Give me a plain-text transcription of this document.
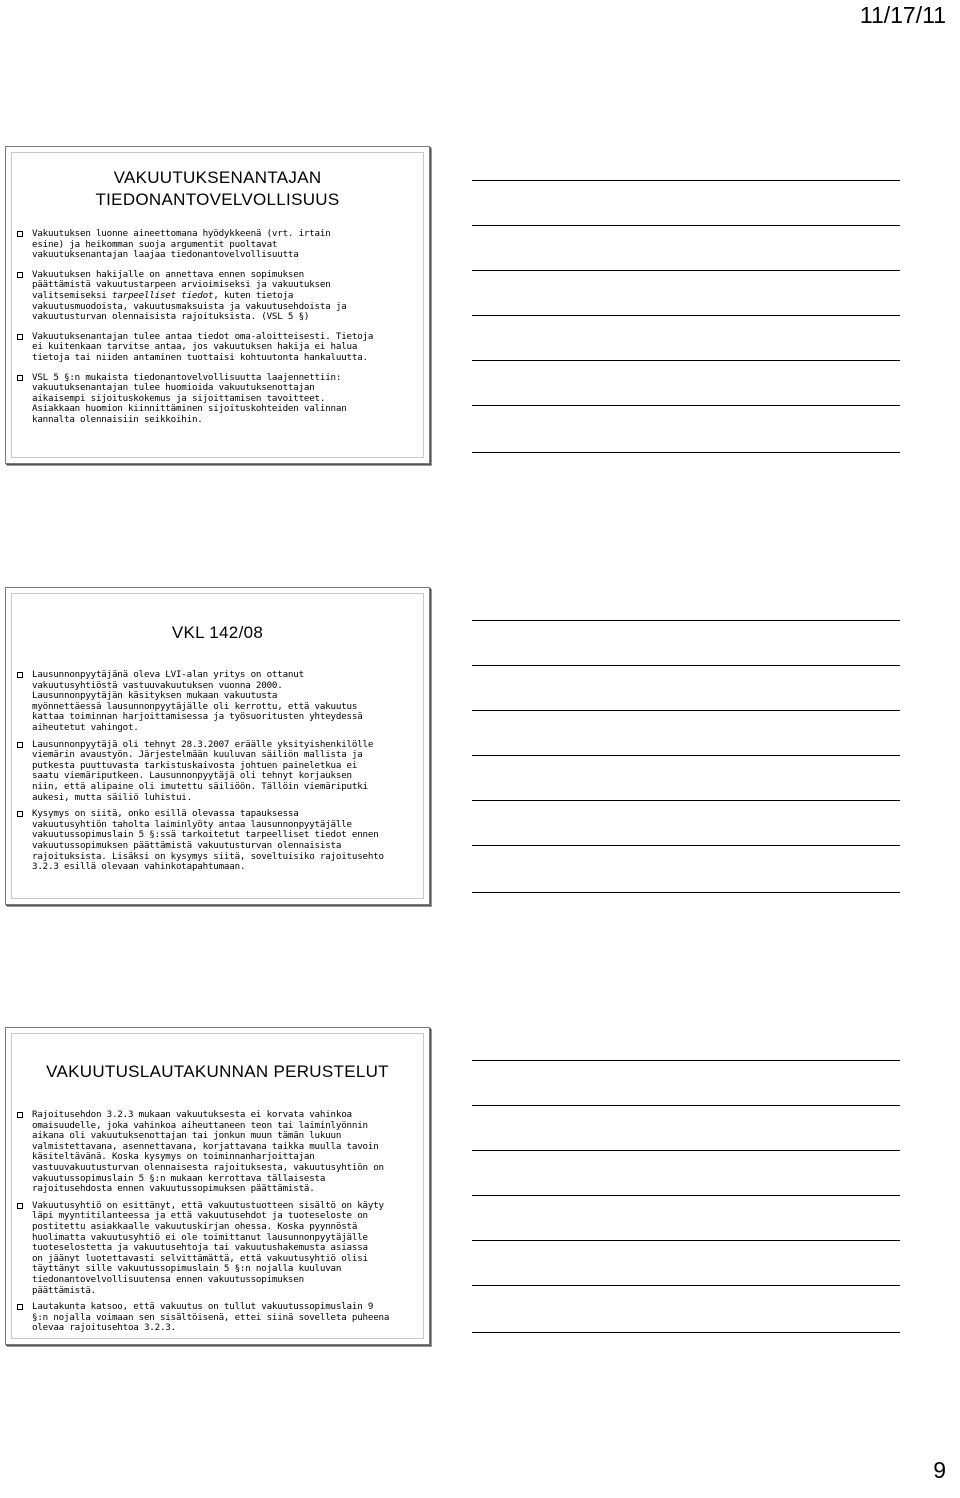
11/17/11
VAKUUTUKSENANTAJAN
TIEDONANTOVELVOLLISUUS
Vakuutuksen luonne aineettomana hyödykkeenä (vrt. irtain
esine) ja heikomman suoja argumentit puoltavat
vakuutuksenantajan laajaa tiedonantovelvollisuutta
Vakuutuksen hakijalle on annettava ennen sopimuksen
päättämistä vakuutustarpeen arvioimiseksi ja vakuutuksen
valitsemiseksi tarpeelliset tiedot, kuten tietoja
vakuutusmuodoista, vakuutusmaksuista ja vakuutusehdoista ja
vakuutusturvan olennaisista rajoituksista. (VSL 5 §)
Vakuutuksenantajan tulee antaa tiedot oma-aloitteisesti. Tietoja
ei kuitenkaan tarvitse antaa, jos vakuutuksen hakija ei halua
tietoja tai niiden antaminen tuottaisi kohtuutonta hankaluutta.
VSL 5 §:n mukaista tiedonantovelvollisuutta laajennettiin:
vakuutuksenantajan tulee huomioida vakuutuksenottajan
aikaisempi sijoituskokemus ja sijoittamisen tavoitteet.
Asiakkaan huomion kiinnittäminen sijoituskohteiden valinnan
kannalta olennaisiin seikkoihin.
VKL 142/08
Lausunnonpyytäjänä oleva LVI-alan yritys on ottanut
vakuutusyhtiöstä vastuuvakuutuksen vuonna 2000.
Lausunnonpyytäjän käsityksen mukaan vakuutusta
myönnettäessä lausunnonpyytäjälle oli kerrottu, että vakuutus
kattaa toiminnan harjoittamisessa ja työsuoritusten yhteydessä
aiheutetut vahingot.
Lausunnonpyytäjä oli tehnyt 28.3.2007 eräälle yksityishenkilölle
viemärin avaustyön. Järjestelmään kuuluvan säiliön mallista ja
putkesta puuttuvasta tarkistuskaivosta johtuen paineletkua ei
saatu viemäriputkeen. Lausunnonpyytäjä oli tehnyt korjauksen
niin, että alipaine oli imutettu säiliöön. Tällöin viemäriputki
aukesi, mutta säiliö luhistui.
Kysymys on siitä, onko esillä olevassa tapauksessa
vakuutusyhtiön taholta laiminlyöty antaa lausunnonpyytäjälle
vakuutussopimuslain 5 §:ssä tarkoitetut tarpeelliset tiedot ennen
vakuutussopimuksen päättämistä vakuutusturvan olennaisista
rajoituksista. Lisäksi on kysymys siitä, soveltuisiko rajoitusehto
3.2.3 esillä olevaan vahinkotapahtumaan.
VAKUUTUSLAUTAKUNNAN PERUSTELUT
Rajoitusehdon 3.2.3 mukaan vakuutuksesta ei korvata vahinkoa
omaisuudelle, joka vahinkoa aiheuttaneen teon tai laiminlyönnin
aikana oli vakuutuksenottajan tai jonkun muun tämän lukuun
valmistettavana, asennettavana, korjattavana taikka muulla tavoin
käsiteltävänä. Koska kysymys on toiminnanharjoittajan
vastuuvakuutusturvan olennaisesta rajoituksesta, vakuutusyhtiön on
vakuutussopimuslain 5 §:n mukaan kerrottava tällaisesta
rajoitusehdosta ennen vakuutussopimuksen päättämistä.
Vakuutusyhtiö on esittänyt, että vakuutustuotteen sisältö on käyty
läpi myyntitilanteessa ja että vakuutusehdot ja tuoteseloste on
postitettu asiakkaalle vakuutuskirjan ohessa. Koska pyynnöstä
huolimatta vakuutusyhtiö ei ole toimittanut lausunnonpyytäjälle
tuoteselostetta ja vakuutusehtoja tai vakuutushakemusta asiassa
on jäänyt luotettavasti selvittämättä, että vakuutusyhtiö olisi
täyttänyt sille vakuutussopimuslain 5 §:n nojalla kuuluvan
tiedonantovelvollisuutensa ennen vakuutussopimuksen
päättämistä.
Lautakunta katsoo, että vakuutus on tullut vakuutussopimuslain 9
§:n nojalla voimaan sen sisältöisenä, ettei siinä sovelleta puheena
olevaa rajoitusehtoa 3.2.3.
9
